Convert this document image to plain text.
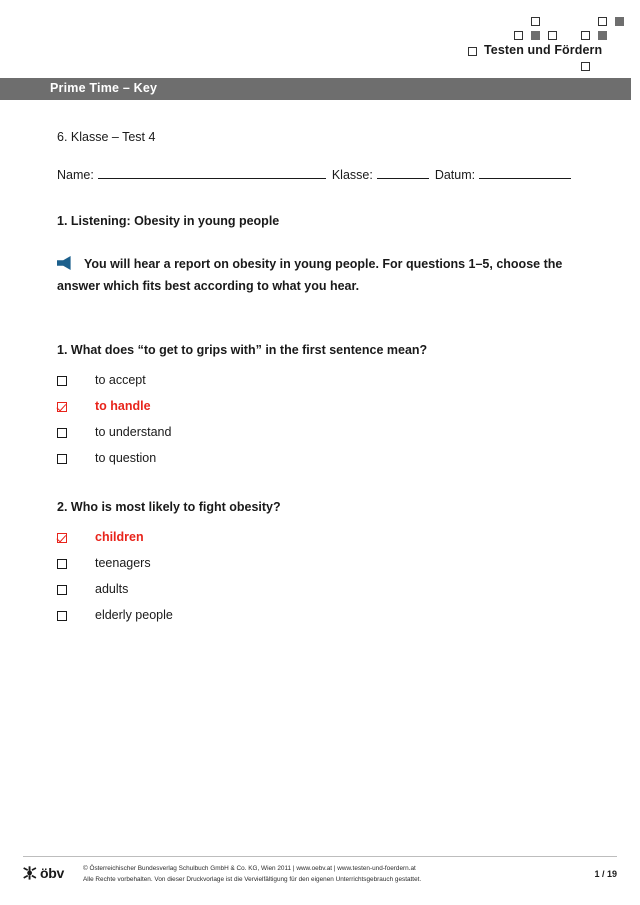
Testen und Fördern
Prime Time – Key

6. Klasse – Test 4

Name:	Klasse:	Datum:
1. Listening: Obesity in young people

You will hear a report on obesity in young people. For questions 1–5, choose the answer which fits best according to what you hear.

1. What does “to get to grips with” in the first sentence mean?
to accept
to handle
to understand
to question
2. Who is most likely to fight obesity?
children
teenagers
adults
elderly people
öbv	© Österreichischer Bundesverlag Schulbuch GmbH & Co. KG, Wien 2011 | www.oebv.at | www.testen-und-foerdern.at
Alle Rechte vorbehalten. Von dieser Druckvorlage ist die Vervielfältigung für den eigenen Unterrichtsgebrauch gestattet.
1 / 19
